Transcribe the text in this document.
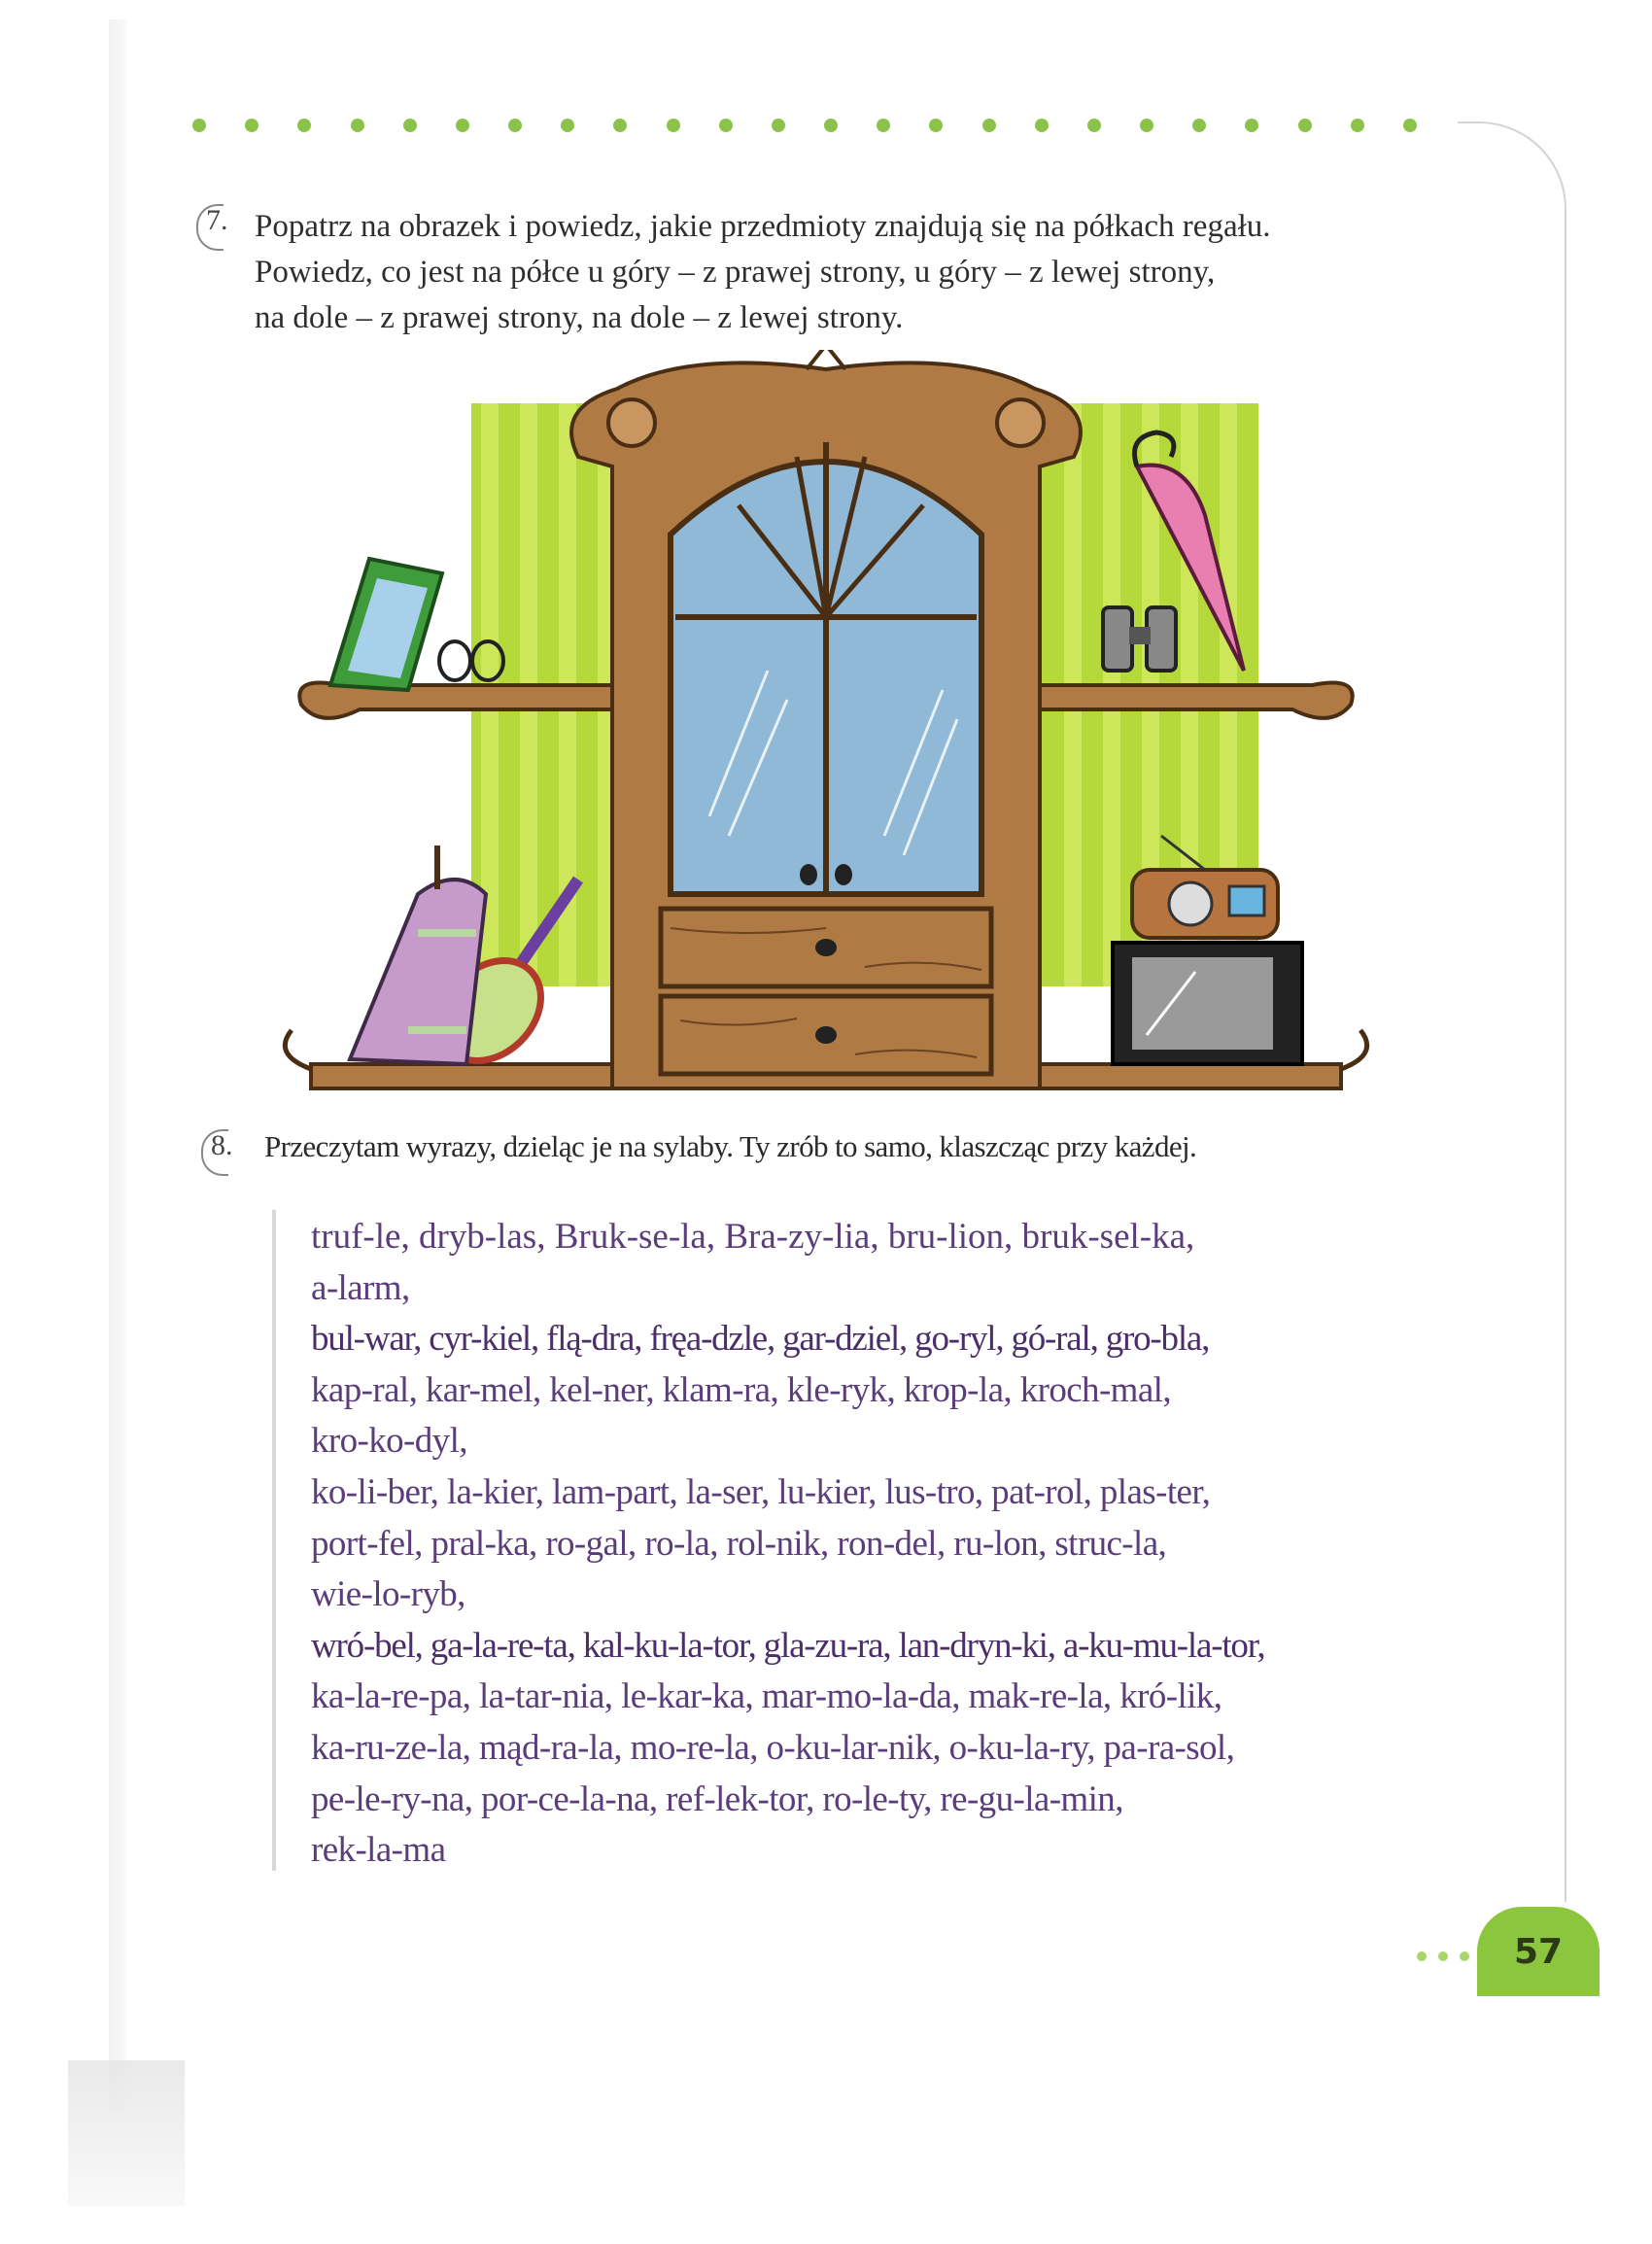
7. Popatrz na obrazek i powiedz, jakie przedmioty znajdują się na półkach regału.
Powiedz, co jest na półce u góry – z prawej strony, u góry – z lewej strony,
na dole – z prawej strony, na dole – z lewej strony.
8. Przeczytam wyrazy, dzieląc je na sylaby. Ty zrób to samo, klaszcząc przy każdej.
truf-le, dryb-las, Bruk-se-la, Bra-zy-lia, bru-lion, bruk-sel-ka,
a-larm,
bul-war, cyr-kiel, flą-dra, fręa-dzle, gar-dziel, go-ryl, gó-ral, gro-bla,
kap-ral, kar-mel, kel-ner, klam-ra, kle-ryk, krop-la, kroch-mal,
kro-ko-dyl,
ko-li-ber, la-kier, lam-part, la-ser, lu-kier, lus-tro, pat-rol, plas-ter,
port-fel, pral-ka, ro-gal, ro-la, rol-nik, ron-del, ru-lon, struc-la,
wie-lo-ryb,
wró-bel, ga-la-re-ta, kal-ku-la-tor, gla-zu-ra, lan-dryn-ki, a-ku-mu-la-tor,
ka-la-re-pa, la-tar-nia, le-kar-ka, mar-mo-la-da, mak-re-la, kró-lik,
ka-ru-ze-la, mąd-ra-la, mo-re-la, o-ku-lar-nik, o-ku-la-ry, pa-ra-sol,
pe-le-ry-na, por-ce-la-na, ref-lek-tor, ro-le-ty, re-gu-la-min,
rek-la-ma
57
